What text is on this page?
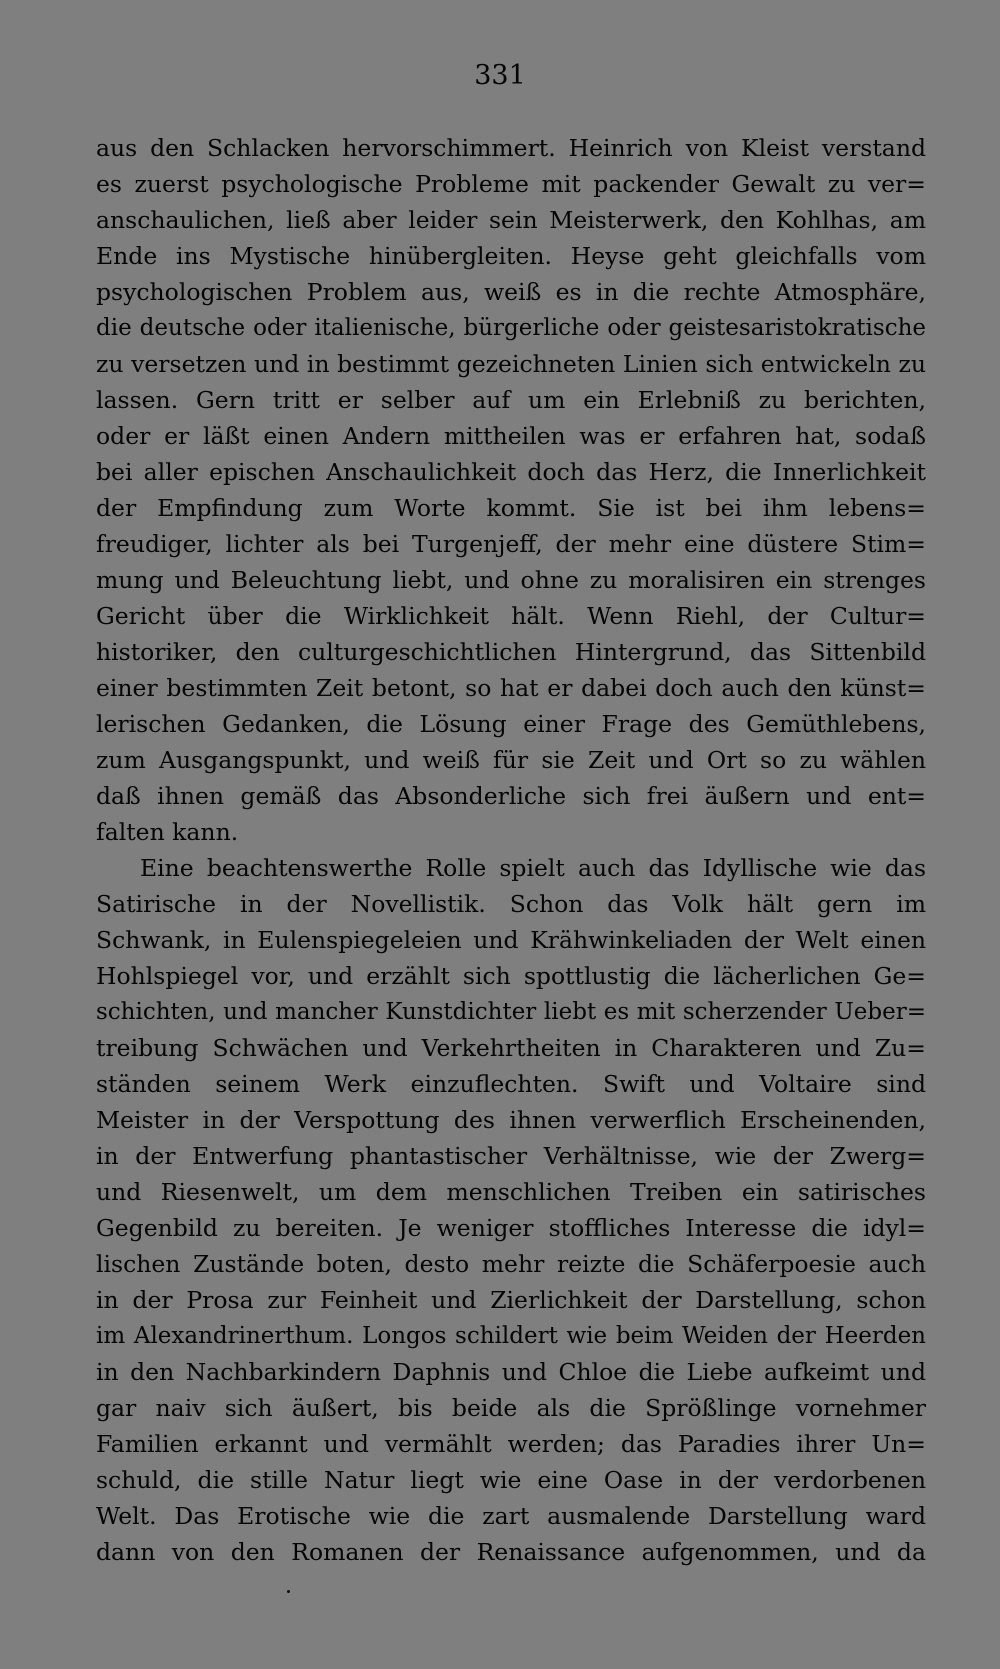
331
aus den Schlacken hervorschimmert. Heinrich von Kleist verstand
es zuerst psychologische Probleme mit packender Gewalt zu ver=
anschaulichen, ließ aber leider sein Meisterwerk, den Kohlhas, am
Ende ins Mystische hinübergleiten. Heyse geht gleichfalls vom
psychologischen Problem aus, weiß es in die rechte Atmosphäre,
die deutsche oder italienische, bürgerliche oder geistesaristokratische
zu versetzen und in bestimmt gezeichneten Linien sich entwickeln zu
lassen. Gern tritt er selber auf um ein Erlebniß zu berichten,
oder er läßt einen Andern mittheilen was er erfahren hat, sodaß
bei aller epischen Anschaulichkeit doch das Herz, die Innerlichkeit
der Empfindung zum Worte kommt. Sie ist bei ihm lebens=
freudiger, lichter als bei Turgenjeff, der mehr eine düstere Stim=
mung und Beleuchtung liebt, und ohne zu moralisiren ein strenges
Gericht über die Wirklichkeit hält. Wenn Riehl, der Cultur=
historiker, den culturgeschichtlichen Hintergrund, das Sittenbild
einer bestimmten Zeit betont, so hat er dabei doch auch den künst=
lerischen Gedanken, die Lösung einer Frage des Gemüthlebens,
zum Ausgangspunkt, und weiß für sie Zeit und Ort so zu wählen
daß ihnen gemäß das Absonderliche sich frei äußern und ent=
falten kann.
Eine beachtenswerthe Rolle spielt auch das Idyllische wie das
Satirische in der Novellistik. Schon das Volk hält gern im
Schwank, in Eulenspiegeleien und Krähwinkeliaden der Welt einen
Hohlspiegel vor, und erzählt sich spottlustig die lächerlichen Ge=
schichten, und mancher Kunstdichter liebt es mit scherzender Ueber=
treibung Schwächen und Verkehrtheiten in Charakteren und Zu=
ständen seinem Werk einzuflechten. Swift und Voltaire sind
Meister in der Verspottung des ihnen verwerflich Erscheinenden,
in der Entwerfung phantastischer Verhältnisse, wie der Zwerg=
und Riesenwelt, um dem menschlichen Treiben ein satirisches
Gegenbild zu bereiten. Je weniger stoffliches Interesse die idyl=
lischen Zustände boten, desto mehr reizte die Schäferpoesie auch
in der Prosa zur Feinheit und Zierlichkeit der Darstellung, schon
im Alexandrinerthum. Longos schildert wie beim Weiden der Heerden
in den Nachbarkindern Daphnis und Chloe die Liebe aufkeimt und
gar naiv sich äußert, bis beide als die Sprößlinge vornehmer
Familien erkannt und vermählt werden; das Paradies ihrer Un=
schuld, die stille Natur liegt wie eine Oase in der verdorbenen
Welt. Das Erotische wie die zart ausmalende Darstellung ward
dann von den Romanen der Renaissance aufgenommen, und da
